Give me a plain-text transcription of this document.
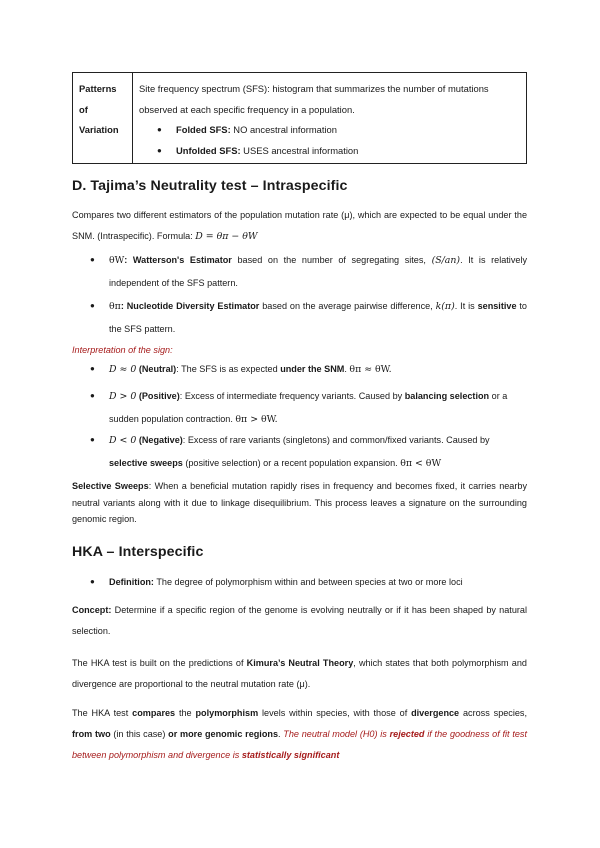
Patterns
of
Variation
Site frequency spectrum (SFS): histogram that summarizes the number of mutations
observed at each specific frequency in a population.
● Folded SFS: NO ancestral information
● Unfolded SFS: USES ancestral information
D. Tajima’s Neutrality test – Intraspecific

Compares two different estimators of the population mutation rate (μ), which are expected to be equal under the SNM. (Intraspecific). Formula: D = θπ − θW

● θW: Watterson's Estimator based on the number of segregating sites, (S/an). It is relatively independent of the SFS pattern.
● θπ: Nucleotide Diversity Estimator based on the average pairwise difference, k(π). It is sensitive to the SFS pattern.

Interpretation of the sign:

● D ≈ 0 (Neutral): The SFS is as expected under the SNM. θπ ≈ θW.
● D > 0 (Positive): Excess of intermediate frequency variants. Caused by balancing selection or a sudden population contraction. θπ > θW.
● D < 0 (Negative): Excess of rare variants (singletons) and common/fixed variants. Caused by selective sweeps (positive selection) or a recent population expansion. θπ < θW

Selective Sweeps: When a beneficial mutation rapidly rises in frequency and becomes fixed, it carries nearby neutral variants along with it due to linkage disequilibrium. This process leaves a signature on the surrounding genomic region.

HKA – Interspecific
● Definition: The degree of polymorphism within and between species at two or more loci

Concept: Determine if a specific region of the genome is evolving neutrally or if it has been shaped by natural selection.

The HKA test is built on the predictions of Kimura’s Neutral Theory, which states that both polymorphism and divergence are proportional to the neutral mutation rate (μ).

The HKA test compares the polymorphism levels within species, with those of divergence across species, from two (in this case) or more genomic regions. The neutral model (H0) is rejected if the goodness of fit test between polymorphism and divergence is statistically significant
